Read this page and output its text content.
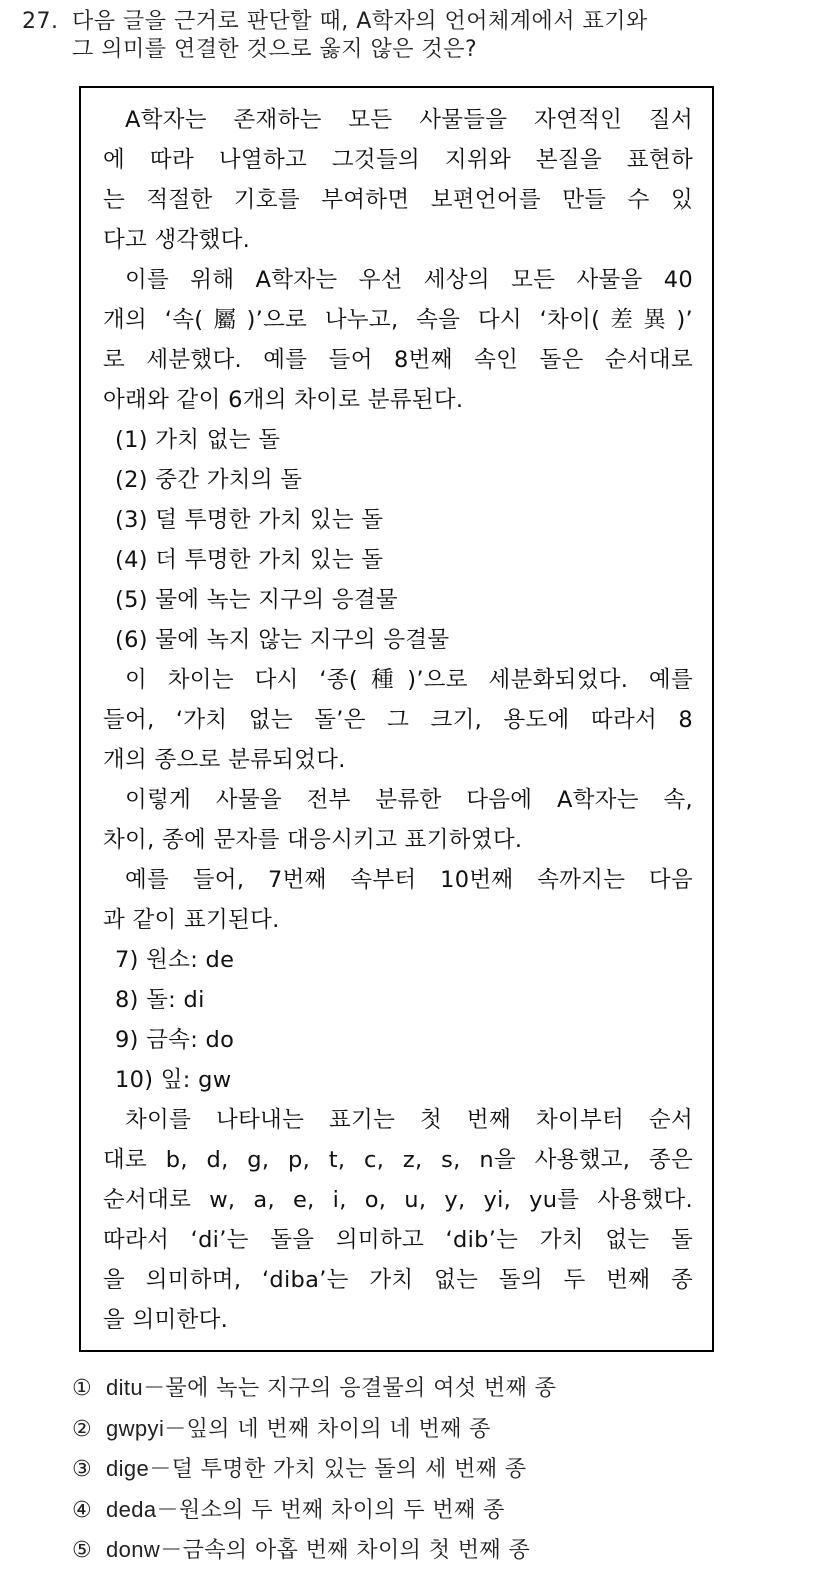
27. 다음 글을 근거로 판단할 때, A학자의 언어체계에서 표기와
그 의미를 연결한 것으로 옳지 않은 것은?
A학자는 존재하는 모든 사물들을 자연적인 질서
에 따라 나열하고 그것들의 지위와 본질을 표현하
는 적절한 기호를 부여하면 보편언어를 만들 수 있
다고 생각했다.
이를 위해 A학자는 우선 세상의 모든 사물을 40
개의 ‘속(屬)’으로 나누고, 속을 다시 ‘차이(差異)’
로 세분했다. 예를 들어 8번째 속인 돌은 순서대로
아래와 같이 6개의 차이로 분류된다.
(1) 가치 없는 돌
(2) 중간 가치의 돌
(3) 덜 투명한 가치 있는 돌
(4) 더 투명한 가치 있는 돌
(5) 물에 녹는 지구의 응결물
(6) 물에 녹지 않는 지구의 응결물
이 차이는 다시 ‘종(種)’으로 세분화되었다. 예를
들어, ‘가치 없는 돌’은 그 크기, 용도에 따라서 8
개의 종으로 분류되었다.
이렇게 사물을 전부 분류한 다음에 A학자는 속,
차이, 종에 문자를 대응시키고 표기하였다.
예를 들어, 7번째 속부터 10번째 속까지는 다음
과 같이 표기된다.
7) 원소: de
8) 돌: di
9) 금속: do
10) 잎: gw
차이를 나타내는 표기는 첫 번째 차이부터 순서
대로 b, d, g, p, t, c, z, s, n을 사용했고, 종은
순서대로 w, a, e, i, o, u, y, yi, yu를 사용했다.
따라서 ‘di’는 돌을 의미하고 ‘dib’는 가치 없는 돌
을 의미하며, ‘diba’는 가치 없는 돌의 두 번째 종
을 의미한다.
① ditu－물에 녹는 지구의 응결물의 여섯 번째 종
② gwpyi－잎의 네 번째 차이의 네 번째 종
③ dige－덜 투명한 가치 있는 돌의 세 번째 종
④ deda－원소의 두 번째 차이의 두 번째 종
⑤ donw－금속의 아홉 번째 차이의 첫 번째 종
